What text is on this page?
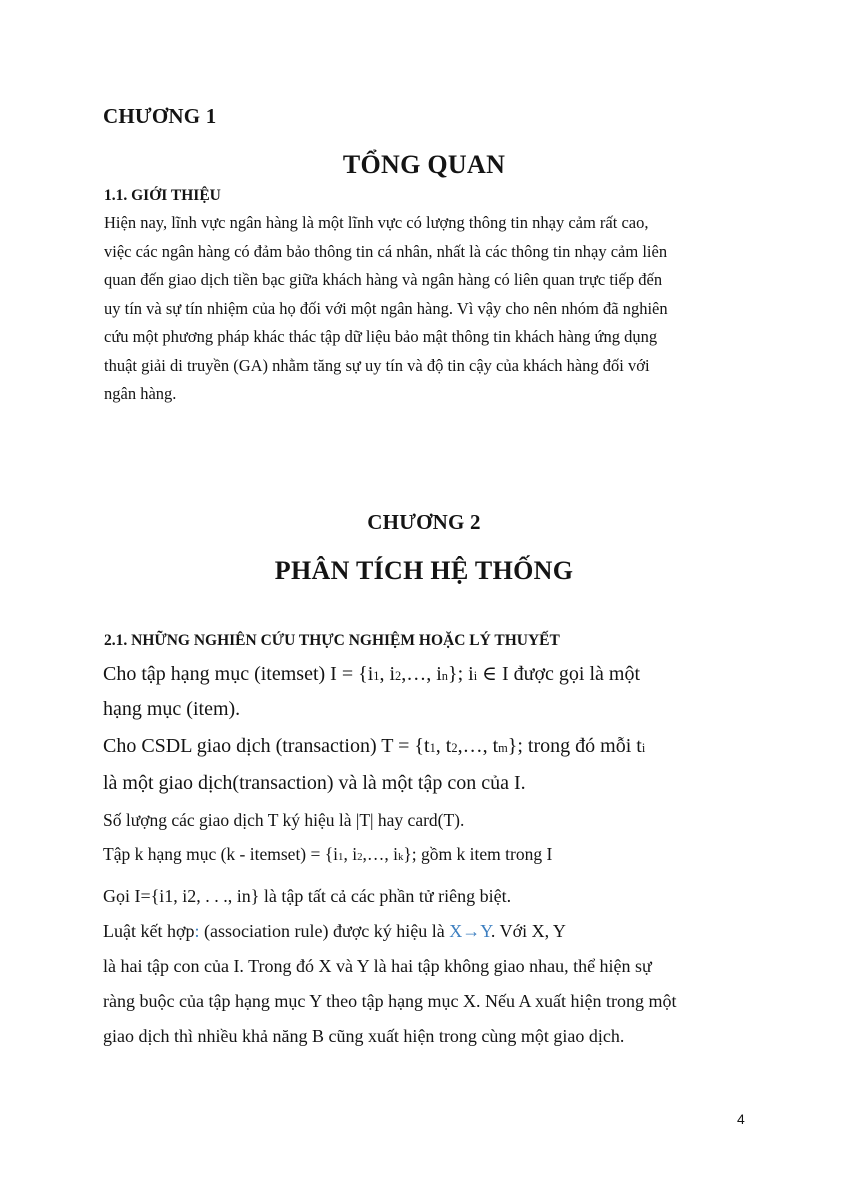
CHƯƠNG 1
TỔNG QUAN
1.1. GIỚI THIỆU
Hiện nay, lĩnh vực ngân hàng là một lĩnh vực có lượng thông tin nhạy cảm rất cao,
việc các ngân hàng có đảm bảo thông tin cá nhân, nhất là các thông tin nhạy cảm liên
quan đến giao dịch tiền bạc giữa khách hàng và ngân hàng có liên quan trực tiếp đến
uy tín và sự tín nhiệm của họ đối với một ngân hàng. Vì vậy cho nên nhóm đã nghiên
cứu một phương pháp khác thác tập dữ liệu bảo mật thông tin khách hàng ứng dụng
thuật giải di truyền (GA) nhằm tăng sự uy tín và độ tin cậy của khách hàng đối với
ngân hàng.
CHƯƠNG 2
PHÂN TÍCH HỆ THỐNG
2.1. NHỮNG NGHIÊN CỨU THỰC NGHIỆM HOẶC LÝ THUYẾT
Cho tập hạng mục (itemset) I = {i1, i2,…, in}; ii ∈ I được gọi là một
hạng mục (item).
Cho CSDL giao dịch (transaction) T = {t1, t2,…, tm}; trong đó mỗi ti
là một giao dịch(transaction) và là một tập con của I.
Số lượng các giao dịch T ký hiệu là |T| hay card(T).
Tập k hạng mục (k - itemset) = {i1, i2,…, ik}; gồm k item trong I
Gọi I={i1, i2, . . ., in} là tập tất cả các phần tử riêng biệt.
Luật kết hợp: (association rule) được ký hiệu là X→Y. Với X, Y
là hai tập con của I. Trong đó X và Y là hai tập không giao nhau, thể hiện sự
ràng buộc của tập hạng mục Y theo tập hạng mục X. Nếu A xuất hiện trong một
giao dịch thì nhiều khả năng B cũng xuất hiện trong cùng một giao dịch.
4
